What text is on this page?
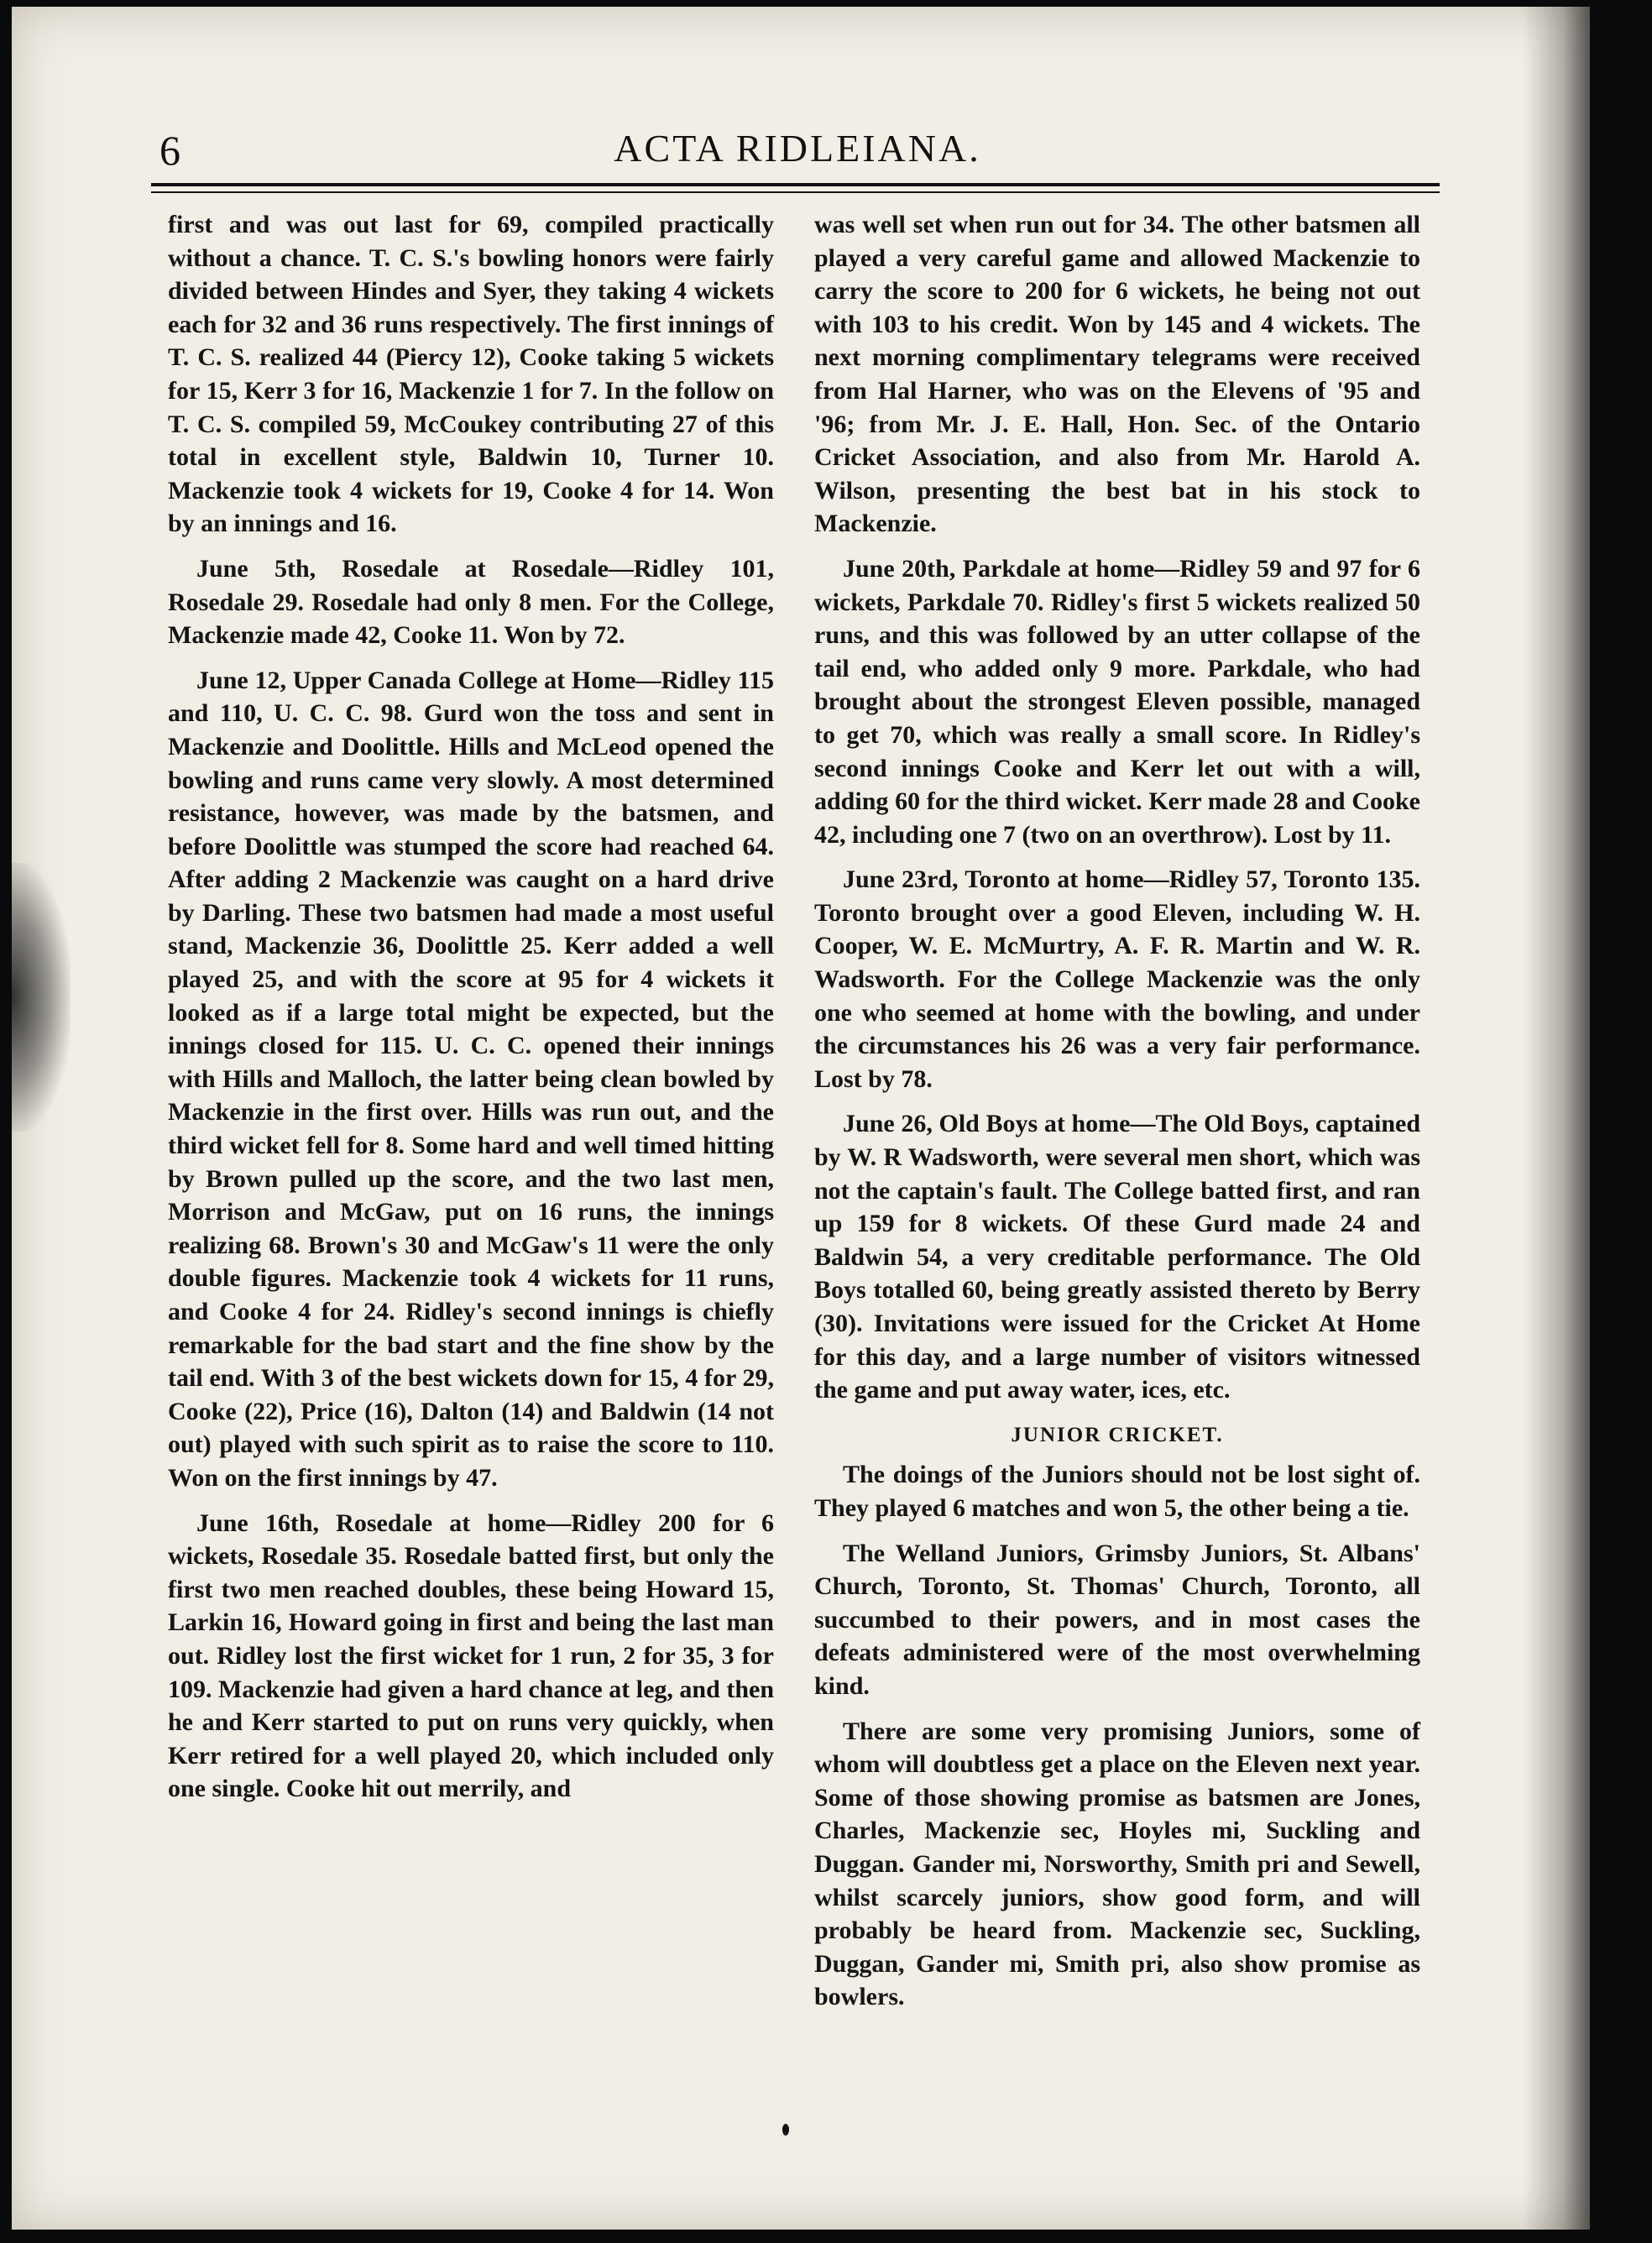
6	ACTA RIDLEIANA.

first and was out last for 69, compiled practically without a chance. T. C. S.'s bowling honors were fairly divided between Hindes and Syer, they taking 4 wickets each for 32 and 36 runs respectively. The first innings of T. C. S. realized 44 (Piercy 12), Cooke taking 5 wickets for 15, Kerr 3 for 16, Mackenzie 1 for 7. In the follow on T. C. S. compiled 59, McCoukey contributing 27 of this total in excellent style, Baldwin 10, Turner 10. Mackenzie took 4 wickets for 19, Cooke 4 for 14. Won by an innings and 16.

June 5th, Rosedale at Rosedale—Ridley 101, Rosedale 29. Rosedale had only 8 men. For the College, Mackenzie made 42, Cooke 11. Won by 72.

June 12, Upper Canada College at Home—Ridley 115 and 110, U. C. C. 98. Gurd won the toss and sent in Mackenzie and Doolittle. Hills and McLeod opened the bowling and runs came very slowly. A most determined resistance, however, was made by the batsmen, and before Doolittle was stumped the score had reached 64. After adding 2 Mackenzie was caught on a hard drive by Darling. These two batsmen had made a most useful stand, Mackenzie 36, Doolittle 25. Kerr added a well played 25, and with the score at 95 for 4 wickets it looked as if a large total might be expected, but the innings closed for 115. U. C. C. opened their innings with Hills and Malloch, the latter being clean bowled by Mackenzie in the first over. Hills was run out, and the third wicket fell for 8. Some hard and well timed hitting by Brown pulled up the score, and the two last men, Morrison and McGaw, put on 16 runs, the innings realizing 68. Brown's 30 and McGaw's 11 were the only double figures. Mackenzie took 4 wickets for 11 runs, and Cooke 4 for 24. Ridley's second innings is chiefly remarkable for the bad start and the fine show by the tail end. With 3 of the best wickets down for 15, 4 for 29, Cooke (22), Price (16), Dalton (14) and Baldwin (14 not out) played with such spirit as to raise the score to 110. Won on the first innings by 47.

June 16th, Rosedale at home—Ridley 200 for 6 wickets, Rosedale 35. Rosedale batted first, but only the first two men reached doubles, these being Howard 15, Larkin 16, Howard going in first and being the last man out. Ridley lost the first wicket for 1 run, 2 for 35, 3 for 109. Mackenzie had given a hard chance at leg, and then he and Kerr started to put on runs very quickly, when Kerr retired for a well played 20, which included only one single. Cooke hit out merrily, and

was well set when run out for 34. The other batsmen all played a very careful game and allowed Mackenzie to carry the score to 200 for 6 wickets, he being not out with 103 to his credit. Won by 145 and 4 wickets. The next morning complimentary telegrams were received from Hal Harner, who was on the Elevens of '95 and '96; from Mr. J. E. Hall, Hon. Sec. of the Ontario Cricket Association, and also from Mr. Harold A. Wilson, presenting the best bat in his stock to Mackenzie.

June 20th, Parkdale at home—Ridley 59 and 97 for 6 wickets, Parkdale 70. Ridley's first 5 wickets realized 50 runs, and this was followed by an utter collapse of the tail end, who added only 9 more. Parkdale, who had brought about the strongest Eleven possible, managed to get 70, which was really a small score. In Ridley's second innings Cooke and Kerr let out with a will, adding 60 for the third wicket. Kerr made 28 and Cooke 42, including one 7 (two on an overthrow). Lost by 11.

June 23rd, Toronto at home—Ridley 57, Toronto 135. Toronto brought over a good Eleven, including W. H. Cooper, W. E. McMurtry, A. F. R. Martin and W. R. Wadsworth. For the College Mackenzie was the only one who seemed at home with the bowling, and under the circumstances his 26 was a very fair performance. Lost by 78.

June 26, Old Boys at home—The Old Boys, captained by W. R Wadsworth, were several men short, which was not the captain's fault. The College batted first, and ran up 159 for 8 wickets. Of these Gurd made 24 and Baldwin 54, a very creditable performance. The Old Boys totalled 60, being greatly assisted thereto by Berry (30). Invitations were issued for the Cricket At Home for this day, and a large number of visitors witnessed the game and put away water, ices, etc.

JUNIOR CRICKET.

The doings of the Juniors should not be lost sight of. They played 6 matches and won 5, the other being a tie.

The Welland Juniors, Grimsby Juniors, St. Albans' Church, Toronto, St. Thomas' Church, Toronto, all succumbed to their powers, and in most cases the defeats administered were of the most overwhelming kind.

There are some very promising Juniors, some of whom will doubtless get a place on the Eleven next year. Some of those showing promise as batsmen are Jones, Charles, Mackenzie sec, Hoyles mi, Suckling and Duggan. Gander mi, Norsworthy, Smith pri and Sewell, whilst scarcely juniors, show good form, and will probably be heard from. Mackenzie sec, Suckling, Duggan, Gander mi, Smith pri, also show promise as bowlers.
